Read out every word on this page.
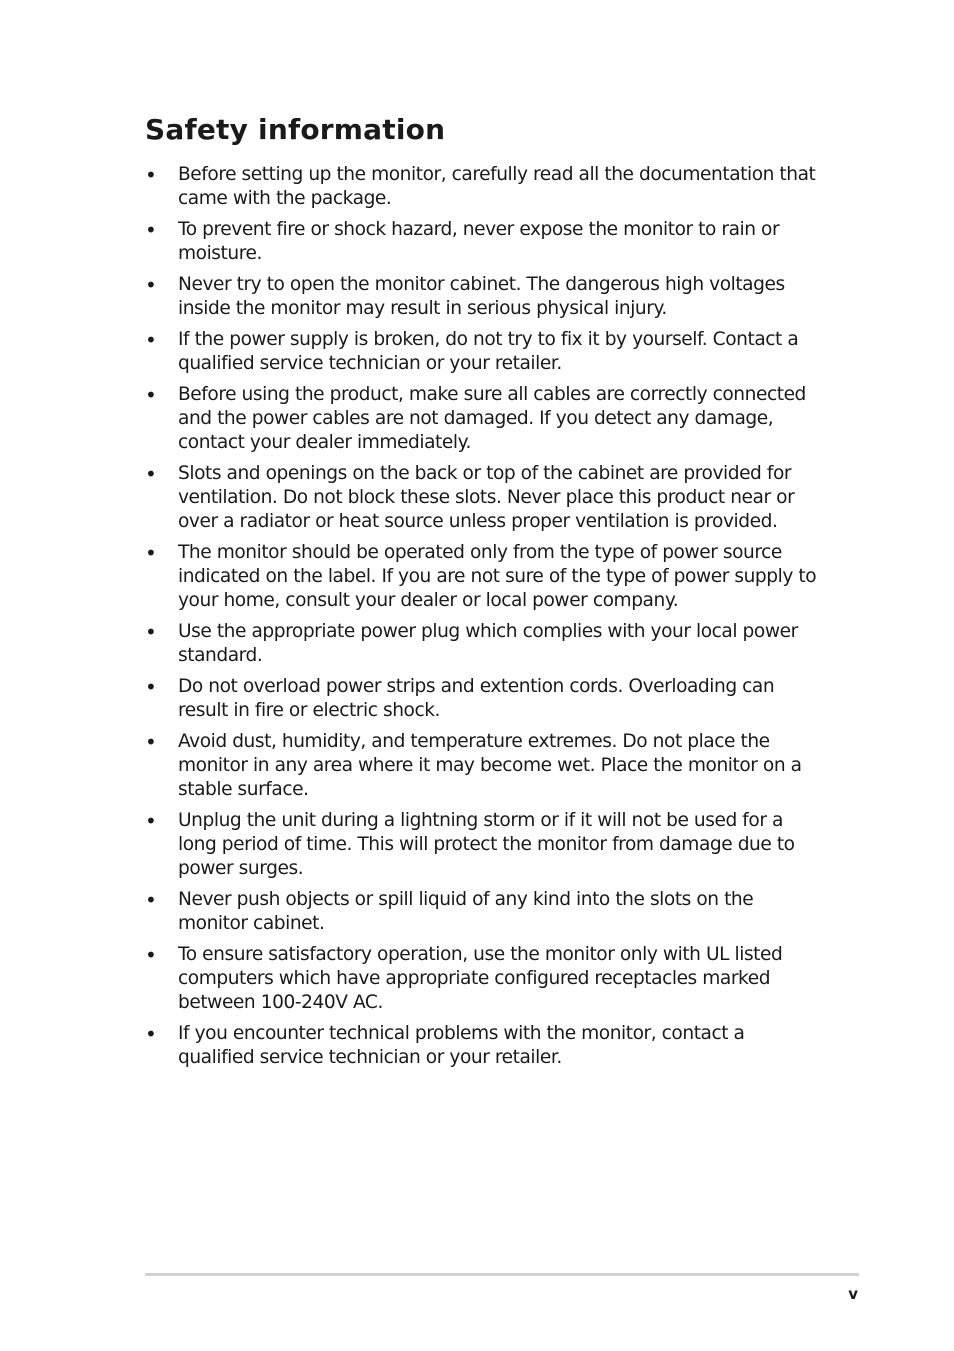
Safety information
• Before setting up the monitor, carefully read all the documentation that came with the package.
• To prevent fire or shock hazard, never expose the monitor to rain or moisture.
• Never try to open the monitor cabinet. The dangerous high voltages inside the monitor may result in serious physical injury.
• If the power supply is broken, do not try to fix it by yourself. Contact a qualified service technician or your retailer.
• Before using the product, make sure all cables are correctly connected and the power cables are not damaged. If you detect any damage, contact your dealer immediately.
• Slots and openings on the back or top of the cabinet are provided for ventilation. Do not block these slots. Never place this product near or over a radiator or heat source unless proper ventilation is provided.
• The monitor should be operated only from the type of power source indicated on the label. If you are not sure of the type of power supply to your home, consult your dealer or local power company.
• Use the appropriate power plug which complies with your local power standard.
• Do not overload power strips and extention cords. Overloading can result in fire or electric shock.
• Avoid dust, humidity, and temperature extremes. Do not place the monitor in any area where it may become wet. Place the monitor on a stable surface.
• Unplug the unit during a lightning storm or if it will not be used for a long period of time. This will protect the monitor from damage due to power surges.
• Never push objects or spill liquid of any kind into the slots on the monitor cabinet.
• To ensure satisfactory operation, use the monitor only with UL listed computers which have appropriate configured receptacles marked between 100-240V AC.
• If you encounter technical problems with the monitor, contact a qualified service technician or your retailer.
v
